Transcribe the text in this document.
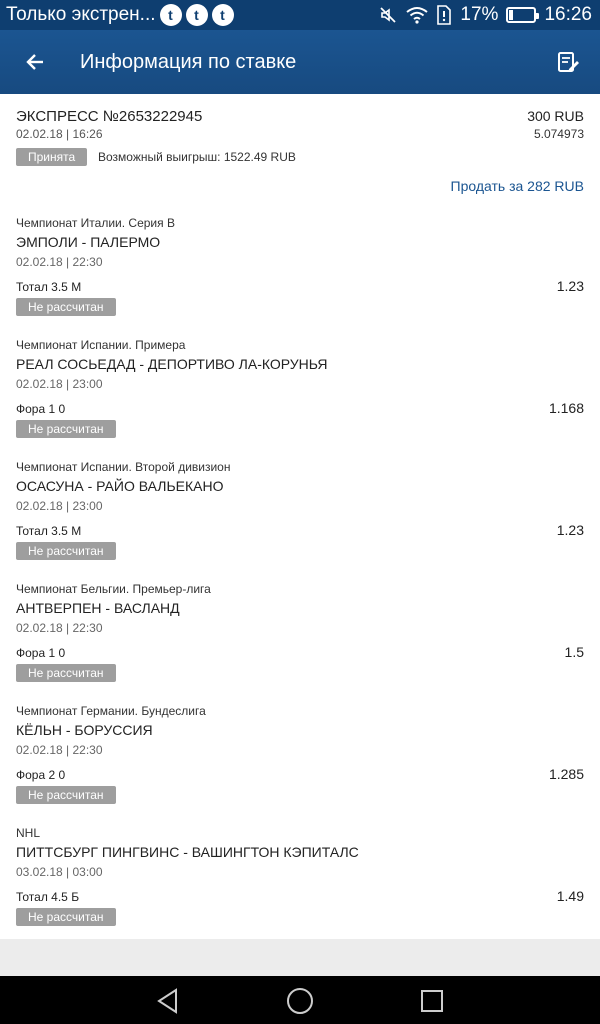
Только экстрен... t	t	t	17% 16:26
Информация по ставке
ЭКСПРЕСС №2653222945
02.02.18 | 16:26
300 RUB
5.074973
Принята	Возможный выигрыш: 1522.49 RUB
Продать за 282 RUB
Чемпионат Италии. Серия B
ЭМПОЛИ - ПАЛЕРМО
02.02.18 | 22:30
Тотал 3.5 М	1.23
Не рассчитан
Чемпионат Испании. Примера
РЕАЛ СОСЬЕДАД - ДЕПОРТИВО ЛА-КОРУНЬЯ
02.02.18 | 23:00
Фора 1 0	1.168
Не рассчитан
Чемпионат Испании. Второй дивизион
ОСАСУНА - РАЙО ВАЛЬЕКАНО
02.02.18 | 23:00
Тотал 3.5 М	1.23
Не рассчитан
Чемпионат Бельгии. Премьер-лига
АНТВЕРПЕН - ВАСЛАНД
02.02.18 | 22:30
Фора 1 0	1.5
Не рассчитан
Чемпионат Германии. Бундеслига
КЁЛЬН - БОРУССИЯ
02.02.18 | 22:30
Фора 2 0	1.285
Не рассчитан
NHL
ПИТТСБУРГ ПИНГВИНС - ВАШИНГТОН КЭПИТАЛС
03.02.18 | 03:00
Тотал 4.5 Б	1.49
Не рассчитан
